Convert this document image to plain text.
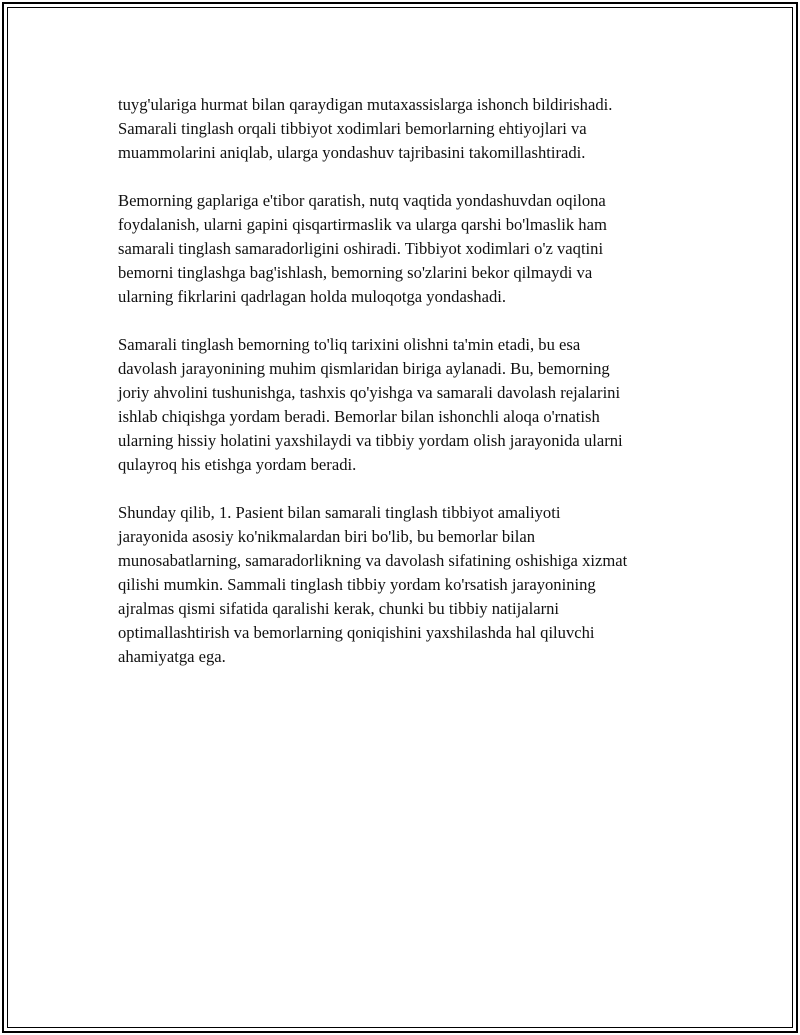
tuyg'ulariga hurmat bilan qaraydigan mutaxassislarga ishonch bildirishadi.
Samarali tinglash orqali tibbiyot xodimlari bemorlarning ehtiyojlari va
muammolarini aniqlab, ularga yondashuv tajribasini takomillashtiradi.

Bemorning gaplariga e'tibor qaratish, nutq vaqtida yondashuvdan oqilona
foydalanish, ularni gapini qisqartirmaslik va ularga qarshi bo'lmaslik ham
samarali tinglash samaradorligini oshiradi. Tibbiyot xodimlari o'z vaqtini
bemorni tinglashga bag'ishlash, bemorning so'zlarini bekor qilmaydi va
ularning fikrlarini qadrlagan holda muloqotga yondashadi.

Samarali tinglash bemorning to'liq tarixini olishni ta'min etadi, bu esa
davolash jarayonining muhim qismlaridan biriga aylanadi. Bu, bemorning
joriy ahvolini tushunishga, tashxis qo'yishga va samarali davolash rejalarini
ishlab chiqishga yordam beradi. Bemorlar bilan ishonchli aloqa o'rnatish
ularning hissiy holatini yaxshilaydi va tibbiy yordam olish jarayonida ularni
qulayroq his etishga yordam beradi.

Shunday qilib, 1. Pasient bilan samarali tinglash tibbiyot amaliyoti
jarayonida asosiy ko'nikmalardan biri bo'lib, bu bemorlar bilan
munosabatlarning, samaradorlikning va davolash sifatining oshishiga xizmat
qilishi mumkin. Sammali tinglash tibbiy yordam ko'rsatish jarayonining
ajralmas qismi sifatida qaralishi kerak, chunki bu tibbiy natijalarni
optimallashtirish va bemorlarning qoniqishini yaxshilashda hal qiluvchi
ahamiyatga ega.
